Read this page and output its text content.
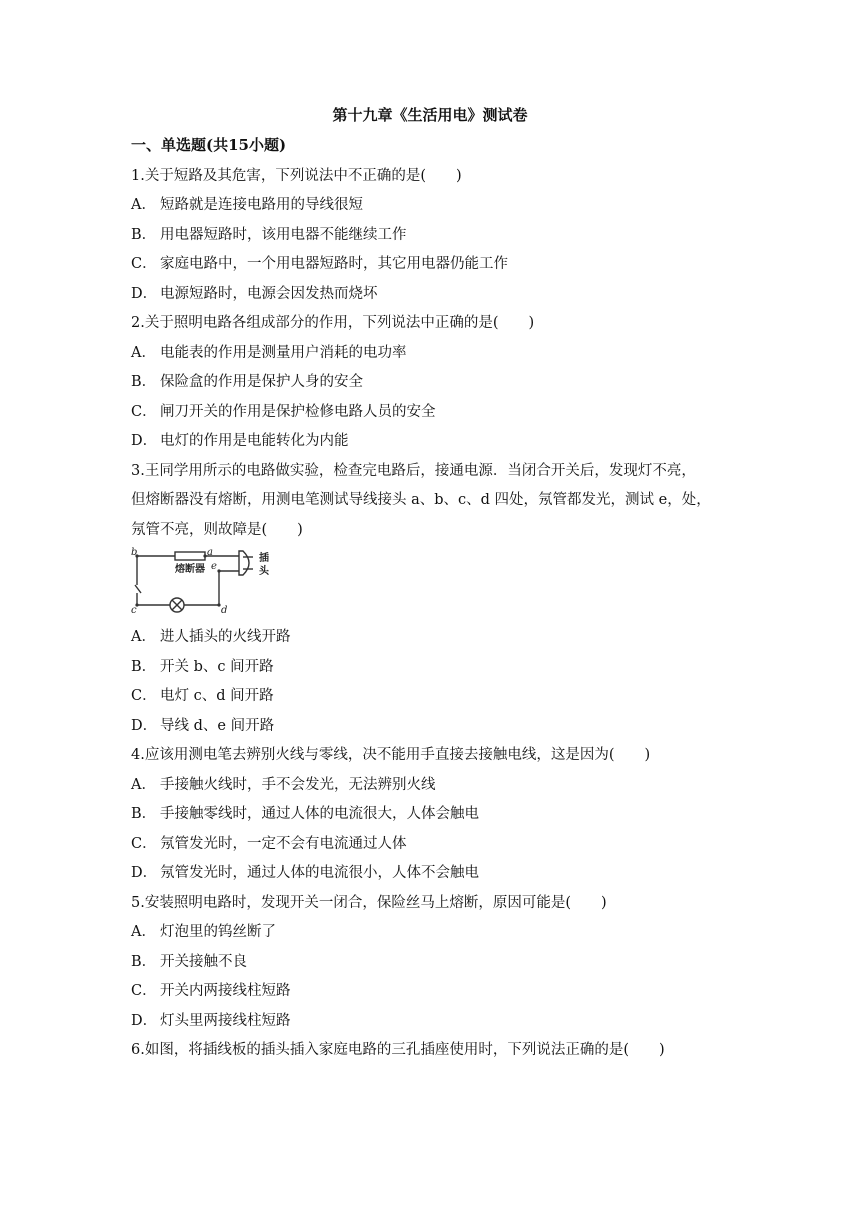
第十九章《生活用电》测试卷
一、单选题(共15小题)
1.关于短路及其危害，下列说法中不正确的是( )
A． 短路就是连接电路用的导线很短
B． 用电器短路时，该用电器不能继续工作
C． 家庭电路中，一个用电器短路时，其它用电器仍能工作
D． 电源短路时，电源会因发热而烧坏
2.关于照明电路各组成部分的作用，下列说法中正确的是( )
A． 电能表的作用是测量用户消耗的电功率
B． 保险盒的作用是保护人身的安全
C． 闸刀开关的作用是保护检修电路人员的安全
D． 电灯的作用是电能转化为内能
3.王同学用所示的电路做实验，检查完电路后，接通电源．当闭合开关后，发现灯不亮，
但熔断器没有熔断，用测电笔测试导线接头 a、b、c、d 四处，氖管都发光，测试 e，处，
氖管不亮，则故障是( )
b	a
e
c	d
熔断器
插
头
A． 进人插头的火线开路
B． 开关 b、c 间开路
C． 电灯 c、d 间开路
D． 导线 d、e 间开路
4.应该用测电笔去辨别火线与零线，决不能用手直接去接触电线，这是因为( )
A． 手接触火线时，手不会发光，无法辨别火线
B． 手接触零线时，通过人体的电流很大，人体会触电
C． 氖管发光时，一定不会有电流通过人体
D． 氖管发光时，通过人体的电流很小，人体不会触电
5.安装照明电路时，发现开关一闭合，保险丝马上熔断，原因可能是( )
A． 灯泡里的钨丝断了
B． 开关接触不良
C． 开关内两接线柱短路
D． 灯头里两接线柱短路
6.如图，将插线板的插头插入家庭电路的三孔插座使用时，下列说法正确的是( )
